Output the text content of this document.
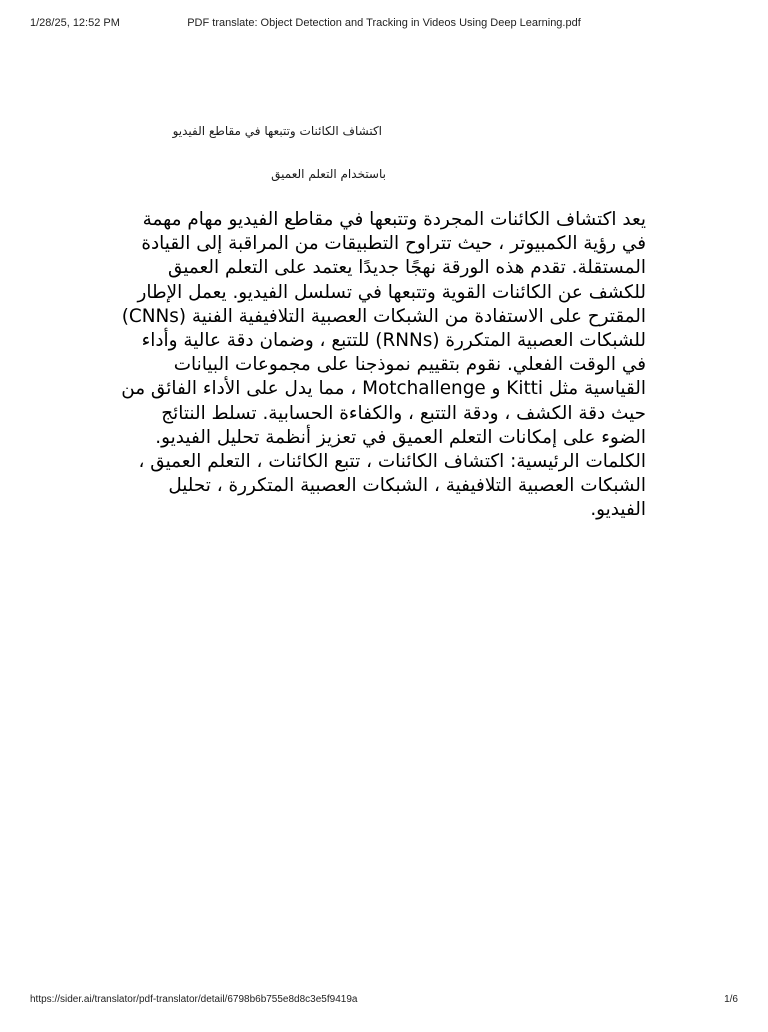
1/28/25, 12:52 PM	PDF translate: Object Detection and Tracking in Videos Using Deep Learning.pdf
اكتشاف الكائنات وتتبعها في مقاطع الفيديو
باستخدام التعلم العميق

يعد اكتشاف الكائنات المجردة وتتبعها في مقاطع الفيديو مهام مهمة في رؤية الكمبيوتر ، حيث تتراوح التطبيقات من المراقبة إلى القيادة المستقلة. تقدم هذه الورقة نهجًا جديدًا يعتمد على التعلم العميق للكشف عن الكائنات القوية وتتبعها في تسلسل الفيديو. يعمل الإطار المقترح على الاستفادة من الشبكات العصبية التلافيفية الفنية (CNNs) للشبكات العصبية المتكررة (RNNs) للتتبع ، وضمان دقة عالية وأداء في الوقت الفعلي. نقوم بتقييم نموذجنا على مجموعات البيانات القياسية مثل Kitti و Motchallenge ، مما يدل على الأداء الفائق من حيث دقة الكشف ، ودقة التتبع ، والكفاءة الحسابية. تسلط النتائج الضوء على إمكانات التعلم العميق في تعزيز أنظمة تحليل الفيديو. الكلمات الرئيسية: اكتشاف الكائنات ، تتبع الكائنات ، التعلم العميق ، الشبكات العصبية التلافيفية ، الشبكات العصبية المتكررة ، تحليل الفيديو.

https://sider.ai/translator/pdf-translator/detail/6798b6b755e8d8c3e5f9419a	1/6
